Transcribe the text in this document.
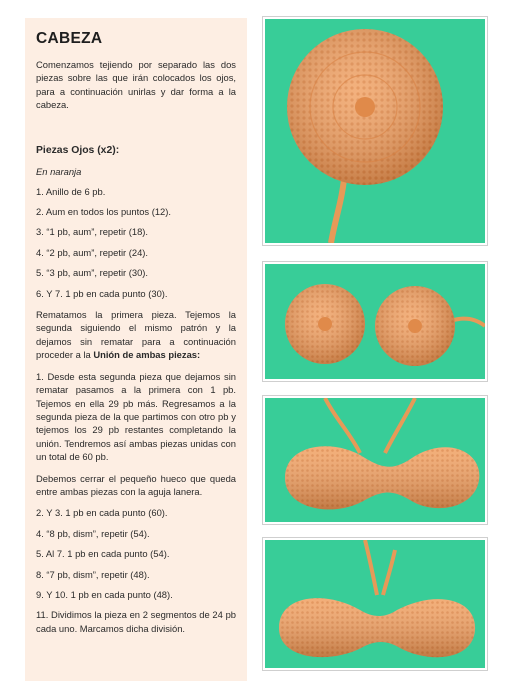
CABEZA

Comenzamos tejiendo por separado las dos piezas sobre las que irán colocados los ojos, para a continuación unirlas y dar forma a la cabeza.

Piezas Ojos (x2):
En naranja
1. Anillo de 6 pb.
2. Aum en todos los puntos (12).
3. “1 pb, aum”, repetir (18).
4. “2 pb, aum”, repetir (24).
5. “3 pb, aum”, repetir (30).
6. Y 7. 1 pb en cada punto (30).

Rematamos la primera pieza. Tejemos la segunda siguiendo el mismo patrón y la dejamos sin rematar para a continuación proceder a la Unión de ambas piezas:

1. Desde esta segunda pieza que dejamos sin rematar pasamos a la primera con 1 pb. Tejemos en ella 29 pb más. Regresamos a la segunda pieza de la que partimos con otro pb y tejemos los 29 pb restantes completando la unión. Tendremos así ambas piezas unidas con un total de 60 pb.

Debemos cerrar el pequeño hueco que queda entre ambas piezas con la aguja lanera.

2. Y 3. 1 pb en cada punto (60).
4. “8 pb, dism”, repetir (54).
5. Al 7. 1 pb en cada punto (54).
8. “7 pb, dism”, repetir (48).
9. Y 10. 1 pb en cada punto (48).

11. Dividimos la pieza en 2 segmentos de 24 pb cada uno. Marcamos dicha división.
